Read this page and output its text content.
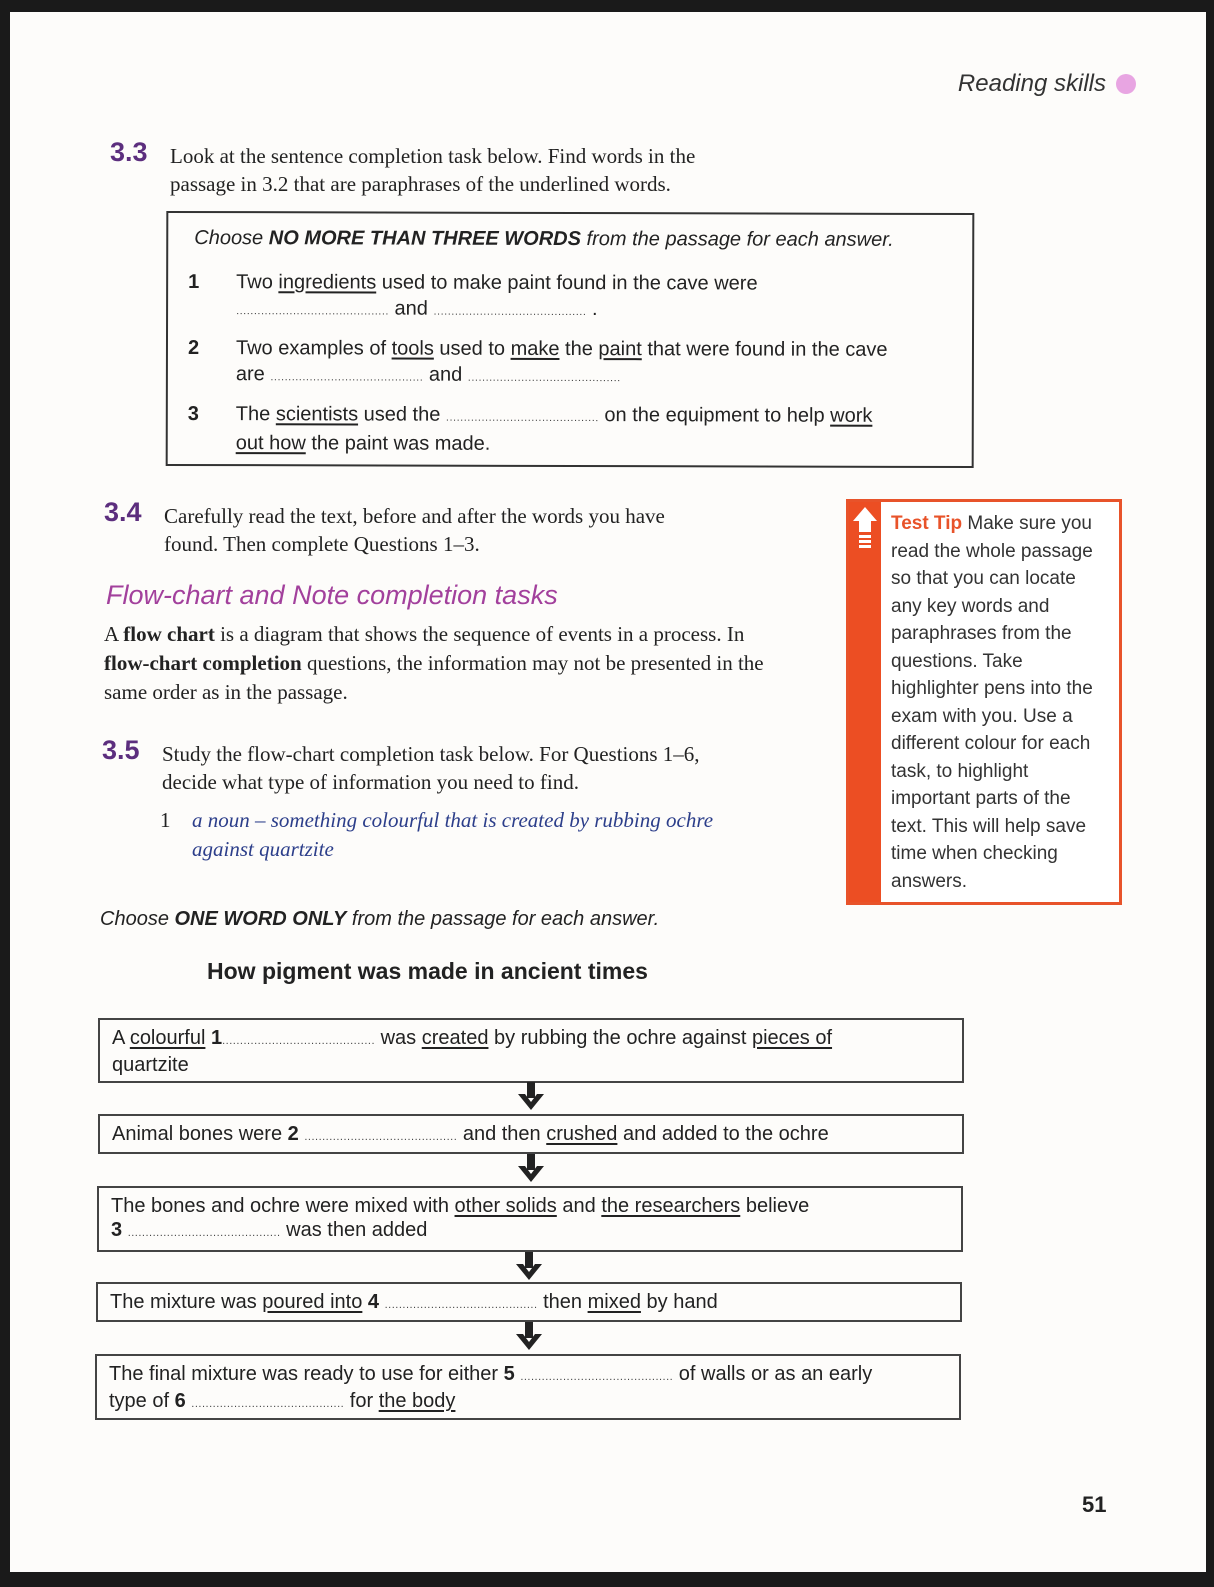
Reading skills
3.3 Look at the sentence completion task below. Find words in the
passage in 3.2 that are paraphrases of the underlined words.
Choose NO MORE THAN THREE WORDS from the passage for each answer.
1 Two ingredients used to make paint found in the cave were
........................................... and ........................................... .
2 Two examples of tools used to make the paint that were found in the cave
are ........................................... and ...........................................
3 The scientists used the ........................................... on the equipment to help work
out how the paint was made.
3.4 Carefully read the text, before and after the words you have
found. Then complete Questions 1–3.
Flow-chart and Note completion tasks
A flow chart is a diagram that shows the sequence of events in a process. In flow-chart completion questions, the information may not be presented in the same order as in the passage.
3.5 Study the flow-chart completion task below. For Questions 1–6,
decide what type of information you need to find.
1 a noun – something colourful that is created by rubbing ochre
against quartzite
Test Tip Make sure you read the whole passage so that you can locate any key words and paraphrases from the questions. Take highlighter pens into the exam with you. Use a different colour for each task, to highlight important parts of the text. This will help save time when checking answers.
Choose ONE WORD ONLY from the passage for each answer.
How pigment was made in ancient times
A colourful 1........................................... was created by rubbing the ochre against pieces of
quartzite
Animal bones were 2 ........................................... and then crushed and added to the ochre
The bones and ochre were mixed with other solids and the researchers believe
3 ........................................... was then added
The mixture was poured into 4 ........................................... then mixed by hand
The final mixture was ready to use for either 5 ........................................... of walls or as an early
type of 6 ........................................... for the body
51
